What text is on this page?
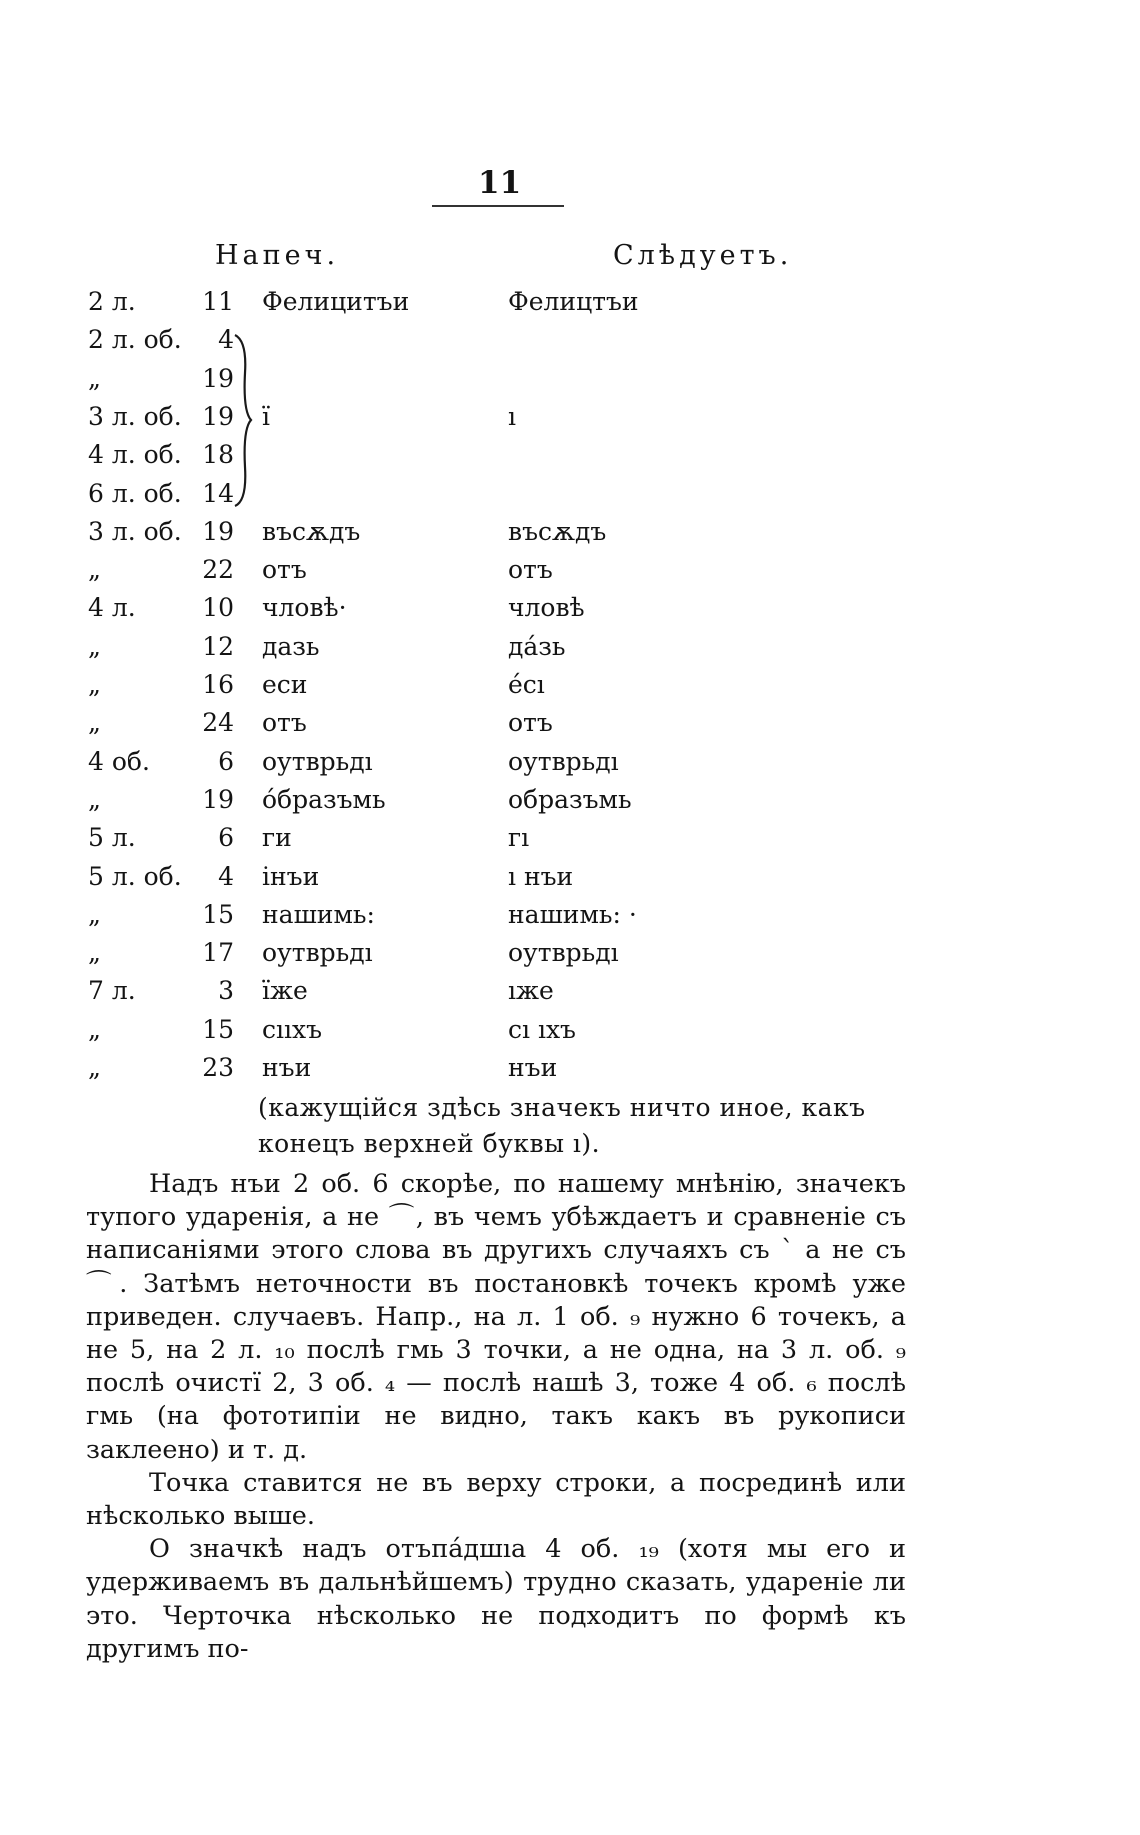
11
Напеч.	Слѣдуетъ.
2 л.	11 Фелицитъи	Фелицтъи
2 л. об. 4
„	19
3 л. об. 19 ї	ı
4 л. об. 18
6 л. об. 14
3 л. об. 19 въсѫдъ	въсѫдъ
„	22 отъ	отъ
4 л.	10 чловѣ·	чловѣ
„	12 дазь	да́зь
„	16 еси	е́сı
„	24 отъ	отъ
4 об.	6 оутврьдı	оутврьдı
„	19 о́бразъмь	образъмь
5 л.	6 ги	гı
5 л. об. 4 інъи	ı нъи
„	15 нашимь:	нашимь: ·
„	17 оутврьдı	оутврьдı
7 л.	3 їже	ıже
„	15 сııхъ	сı ıхъ
„	23 нъи	нъи
(кажущійся здѣсь значекъ ничто иное, какъ
конецъ верхней буквы ı).

Надъ нъи 2 об. 6 скорѣе, по нашему мнѣнію, значекъ тупого ударенія, а не ⌒, въ чемъ убѣждаетъ и сравненіе съ написаніями этого слова въ другихъ случаяхъ съ ` а не съ ⌒. Затѣмъ неточности въ постановкѣ точекъ кромѣ уже приведен. случаевъ. Напр., на л. 1 об. ₉ нужно 6 точекъ, а не 5, на 2 л. ₁₀ послѣ гмь 3 точки, а не одна, на 3 л. об. ₉ послѣ очистї 2, 3 об. ₄ — послѣ нашѣ 3, тоже 4 об. ₆ послѣ гмь (на фототипіи не видно, такъ какъ въ рукописи заклеено) и т. д.

Точка ставится не въ верху строки, а посрединѣ или нѣсколько выше.

О значкѣ надъ отъпа́дшıа 4 об. ₁₉ (хотя мы его и удерживаемъ въ дальнѣйшемъ) трудно сказать, удареніе ли это. Черточка нѣсколько не подходитъ по формѣ къ другимъ по-
